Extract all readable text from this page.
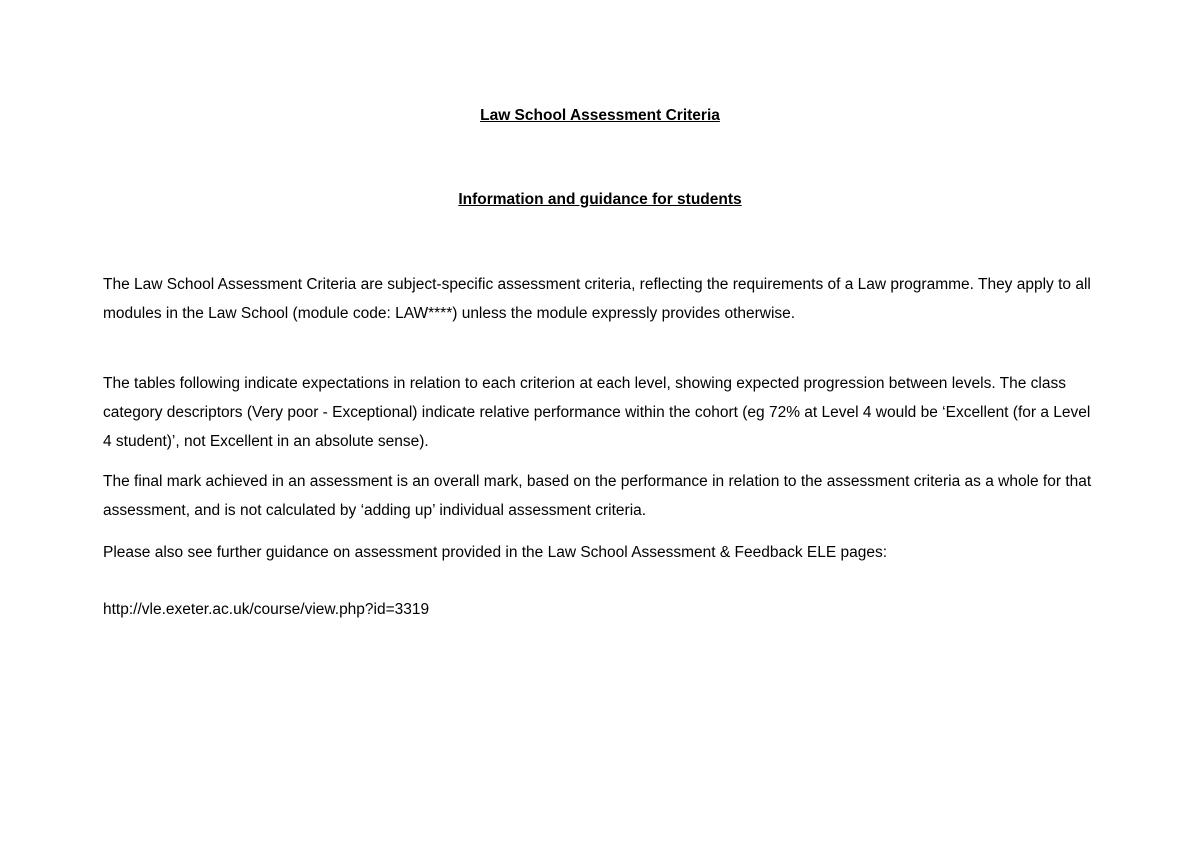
Law School Assessment Criteria
Information and guidance for students

The Law School Assessment Criteria are subject-specific assessment criteria, reflecting the requirements of a Law programme. They apply to all modules in the Law School (module code: LAW****) unless the module expressly provides otherwise.

The tables following indicate expectations in relation to each criterion at each level, showing expected progression between levels. The class category descriptors (Very poor - Exceptional) indicate relative performance within the cohort (eg 72% at Level 4 would be ‘Excellent (for a Level 4 student)’, not Excellent in an absolute sense).

The final mark achieved in an assessment is an overall mark, based on the performance in relation to the assessment criteria as a whole for that assessment, and is not calculated by ‘adding up’ individual assessment criteria.

Please also see further guidance on assessment provided in the Law School Assessment & Feedback ELE pages:

http://vle.exeter.ac.uk/course/view.php?id=3319
